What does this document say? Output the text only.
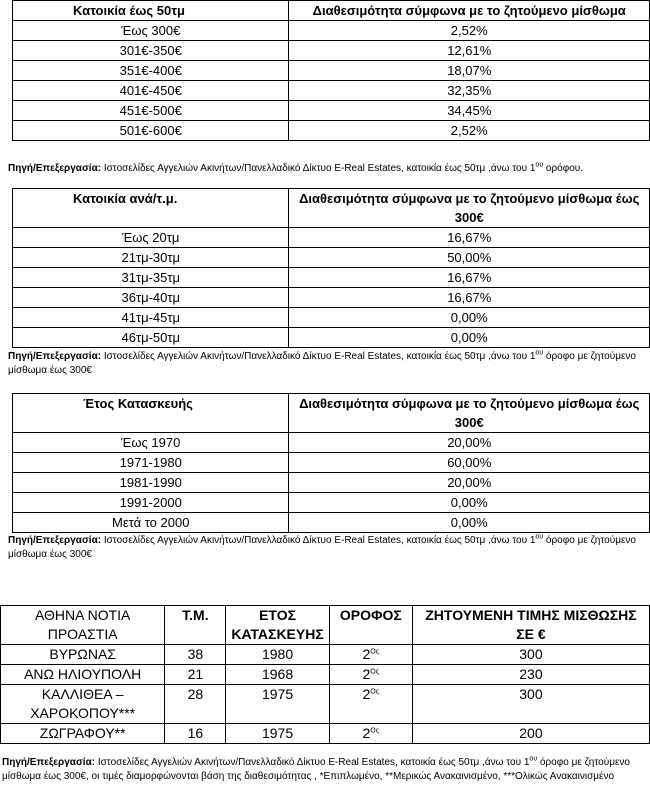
Κατοικία έως 50τμ	Διαθεσιμότητα σύμφωνα με το ζητούμενο μίσθωμα
Έως 300€	2,52%
301€-350€	12,61%
351€-400€	18,07%
401€-450€	32,35%
451€-500€	34,45%
501€-600€	2,52%

Πηγή/Επεξεργασία: Ιστοσελίδες Αγγελιών Ακινήτων/Πανελλαδικό Δίκτυο E-Real Estates, κατοικία έως 50τμ ,άνω του $1^{o\upsilon}$ ορόφου.

Κατοικία ανά/τ.μ.	Διαθεσιμότητα σύμφωνα με το ζητούμενο μίσθωμα έως 300€
Έως 20τμ	16,67%
21τμ-30τμ	50,00%
31τμ-35τμ	16,67%
36τμ-40τμ	16,67%
41τμ-45τμ	0,00%
46τμ-50τμ	0,00%

Πηγή/Επεξεργασία: Ιστοσελίδες Αγγελιών Ακινήτων/Πανελλαδικό Δίκτυο E-Real Estates, κατοικία έως 50τμ ,άνω του $1^{o\upsilon}$ όροφο με ζητούμενο μίσθωμα έως 300€

Έτος Κατασκευής	Διαθεσιμότητα σύμφωνα με το ζητούμενο μίσθωμα έως 300€
Έως 1970	20,00%
1971-1980	60,00%
1981-1990	20,00%
1991-2000	0,00%
Μετά το 2000	0,00%

Πηγή/Επεξεργασία: Ιστοσελίδες Αγγελιών Ακινήτων/Πανελλαδικό Δίκτυο E-Real Estates, κατοικία έως 50τμ ,άνω του $1^{o\upsilon}$ όροφο με ζητούμενο μίσθωμα έως 300€

ΑΘΗΝΑ ΝΟΤΙΑ ΠΡΟΑΣΤΙΑ	Τ.Μ.	ΕΤΟΣ ΚΑΤΑΣΚΕΥΗΣ	ΟΡΟΦΟΣ	ΖΗΤΟΥΜΕΝΗ ΤΙΜΗΣ ΜΙΣΘΩΣΗΣ ΣΕ €
ΒΥΡΩΝΑΣ	38	1980	$2^{O\varsigma}$	300
ΑΝΩ ΗΛΙΟΥΠΟΛΗ	21	1968	$2^{O\varsigma}$	230
ΚΑΛΛΙΘΕΑ – ΧΑΡΟΚΟΠΟΥ***	28	1975	$2^{O\varsigma}$	300
ΖΩΓΡΑΦΟΥ**	16	1975	$2^{O\varsigma}$	200

Πηγή/Επεξεργασία: Ιστοσελίδες Αγγελιών Ακινήτων/Πανελλαδικό Δίκτυο E-Real Estates, κατοικία έως 50τμ ,άνω του $1^{o\upsilon}$ όροφο με ζητούμενο μίσθωμα έως 300€, οι τιμές διαμορφώνονται βάση της διαθεσιμότητας , *Επιπλωμένο, **Μερικώς Ανακαινισμένο, ***Ολικώς Ανακαινισμένο
